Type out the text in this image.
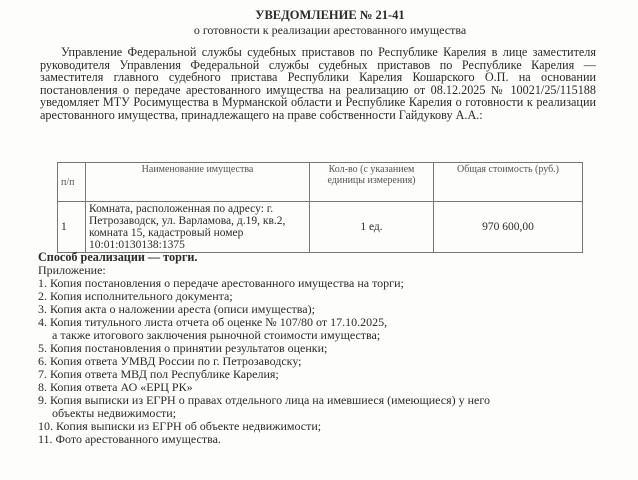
УВЕДОМЛЕНИЕ № 21-41
о готовности к реализации арестованного имущества
Управление Федеральной службы судебных приставов по Республике Карелия в лице заместителя руководителя Управления Федеральной службы судебных приставов по Республике Карелия — заместителя главного судебного пристава Республики Карелия Кошарского О.П. на основании постановления о передаче арестованного имущества на реализацию от 08.12.2025 № 10021/25/115188 уведомляет МТУ Росимущества в Мурманской области и Республике Карелия о готовности к реализации арестованного имущества, принадлежащего на праве собственности Гайдукову А.А.:
п/п	Наименование имущества	Кол-во (с указанием единицы измерения)	Общая стоимость (руб.)
1	Комната, расположенная по адресу: г. Петрозаводск, ул. Варламова, д.19, кв.2, комната 15, кадастровый номер 10:01:0130138:1375	1 ед.	970 600,00
Способ реализации — торги.
Приложение:
1. Копия постановления о передаче арестованного имущества на торги;
2. Копия исполнительного документа;
3. Копия акта о наложении ареста (описи имущества);
4. Копия титульного листа отчета об оценке № 107/80 от 17.10.2025,
а также итогового заключения рыночной стоимости имущества;
5. Копия постановления о принятии результатов оценки;
6. Копия ответа УМВД России по г. Петрозаводску;
7. Копия ответа МВД пол Республике Карелия;
8. Копия ответа АО «ЕРЦ РК»
9. Копия выписки из ЕГРН о правах отдельного лица на имевшиеся (имеющиеся) у него
объекты недвижимости;
10. Копия выписки из ЕГРН об объекте недвижимости;
11. Фото арестованного имущества.
